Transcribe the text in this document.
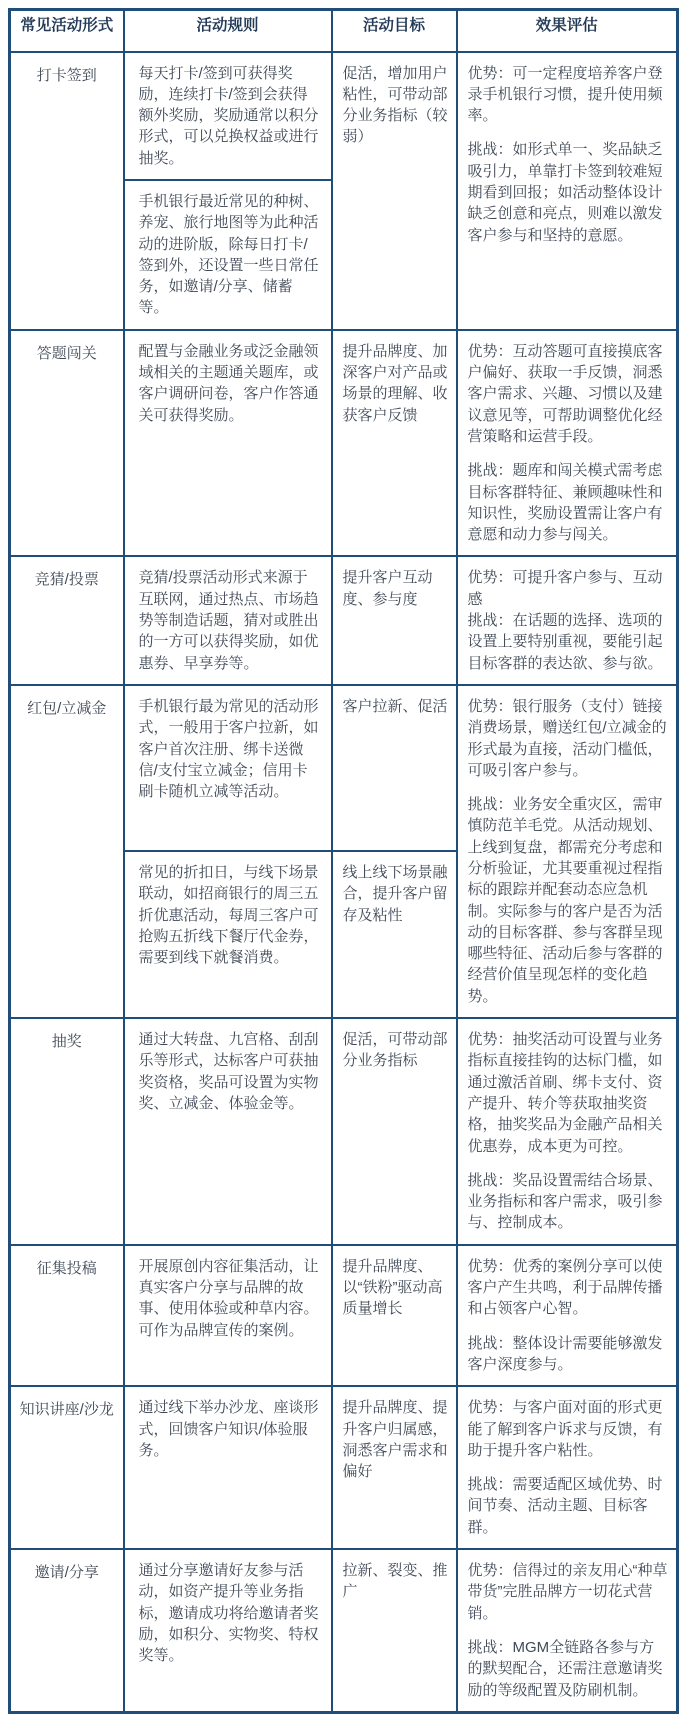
常见活动形式	活动规则	活动目标	效果评估

打卡签到	每天打卡/签到可获得奖励，连续打卡/签到会获得额外奖励，奖励通常以积分形式，可以兑换权益或进行抽奖。	促活，增加用户粘性，可带动部分业务指标（较弱）	优势：可一定程度培养客户登录手机银行习惯，提升使用频率。

挑战：如形式单一、奖品缺乏吸引力，单靠打卡签到较难短期看到回报；如活动整体设计缺乏创意和亮点，则难以激发客户参与和坚持的意愿。

	手机银行最近常见的种树、养宠、旅行地图等为此种活动的进阶版，除每日打卡/签到外，还设置一些日常任务，如邀请/分享、储蓄等。		

答题闯关	配置与金融业务或泛金融领域相关的主题通关题库，或客户调研问卷，客户作答通关可获得奖励。	提升品牌度、加深客户对产品或场景的理解、收获客户反馈	优势：互动答题可直接摸底客户偏好、获取一手反馈，洞悉客户需求、兴趣、习惯以及建议意见等，可帮助调整优化经营策略和运营手段。

挑战：题库和闯关模式需考虑目标客群特征、兼顾趣味性和知识性，奖励设置需让客户有意愿和动力参与闯关。

竞猜/投票	竞猜/投票活动形式来源于互联网，通过热点、市场趋势等制造话题，猜对或胜出的一方可以获得奖励，如优惠券、早享券等。	提升客户互动度、参与度	优势：可提升客户参与、互动感

挑战：在话题的选择、选项的设置上要特别重视，要能引起目标客群的表达欲、参与欲。

红包/立减金	手机银行最为常见的活动形式，一般用于客户拉新，如客户首次注册、绑卡送微信/支付宝立减金；信用卡刷卡随机立减等活动。	客户拉新、促活	优势：银行服务（支付）链接消费场景，赠送红包/立减金的形式最为直接，活动门槛低，可吸引客户参与。

挑战：业务安全重灾区，需审慎防范羊毛党。从活动规划、上线到复盘，都需充分考虑和分析验证，尤其要重视过程指标的跟踪并配套动态应急机制。实际参与的客户是否为活动的目标客群、参与客群呈现哪些特征、活动后参与客群的经营价值呈现怎样的变化趋势。

	常见的折扣日，与线下场景联动，如招商银行的周三五折优惠活动，每周三客户可抢购五折线下餐厅代金券，需要到线下就餐消费。	线上线下场景融合，提升客户留存及粘性	

抽奖	通过大转盘、九宫格、刮刮乐等形式，达标客户可获抽奖资格，奖品可设置为实物奖、立减金、体验金等。	促活，可带动部分业务指标	优势：抽奖活动可设置与业务指标直接挂钩的达标门槛，如通过激活首刷、绑卡支付、资产提升、转介等获取抽奖资格，抽奖奖品为金融产品相关优惠券，成本更为可控。

挑战：奖品设置需结合场景、业务指标和客户需求，吸引参与、控制成本。

征集投稿	开展原创内容征集活动，让真实客户分享与品牌的故事、使用体验或种草内容。可作为品牌宣传的案例。	提升品牌度、以“铁粉”驱动高质量增长	优势：优秀的案例分享可以使客户产生共鸣，利于品牌传播和占领客户心智。

挑战：整体设计需要能够激发客户深度参与。

知识讲座/沙龙	通过线下举办沙龙、座谈形式，回馈客户知识/体验服务。	提升品牌度、提升客户归属感，洞悉客户需求和偏好	优势：与客户面对面的形式更能了解到客户诉求与反馈，有助于提升客户粘性。

挑战：需要适配区域优势、时间节奏、活动主题、目标客群。

邀请/分享	通过分享邀请好友参与活动，如资产提升等业务指标，邀请成功将给邀请者奖励，如积分、实物奖、特权奖等。	拉新、裂变、推广	优势：信得过的亲友用心“种草带货”完胜品牌方一切花式营销。

挑战：MGM全链路各参与方的默契配合，还需注意邀请奖励的等级配置及防刷机制。
